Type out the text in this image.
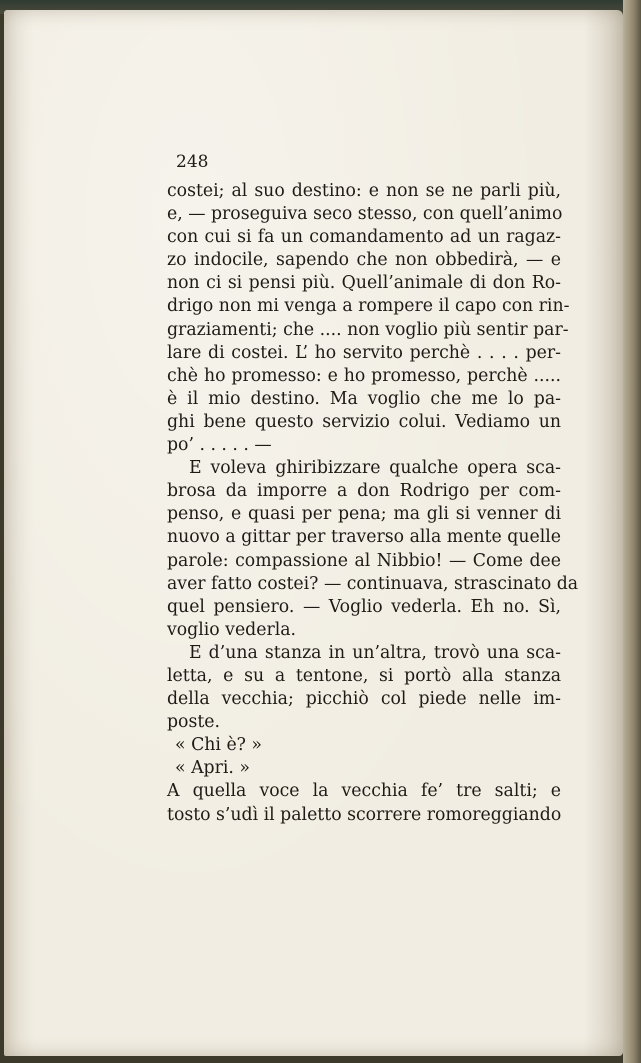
248
costei; al suo destino: e non se ne parli più,
e, — proseguiva seco stesso, con quell’animo
con cui si fa un comandamento ad un ragaz-
zo indocile, sapendo che non obbedirà, — e
non ci si pensi più. Quell’animale di don Ro-
drigo non mi venga a rompere il capo con rin-
graziamenti; che .... non voglio più sentir par-
lare di costei. L’ ho servito perchè . . . . per-
chè ho promesso: e ho promesso, perchè .....
è il mio destino. Ma voglio che me lo pa-
ghi bene questo servizio colui. Vediamo un
po’ . . . . . —
E voleva ghiribizzare qualche opera sca-
brosa da imporre a don Rodrigo per com-
penso, e quasi per pena; ma gli si venner di
nuovo a gittar per traverso alla mente quelle
parole: compassione al Nibbio! — Come dee
aver fatto costei? — continuava, strascinato da
quel pensiero. — Voglio vederla. Eh no. Sì,
voglio vederla.
E d’una stanza in un’altra, trovò una sca-
letta, e su a tentone, si portò alla stanza
della vecchia; picchiò col piede nelle im-
poste.
« Chi è? »
« Apri. »
A quella voce la vecchia fe’ tre salti; e
tosto s’udì il paletto scorrere romoreggiando
